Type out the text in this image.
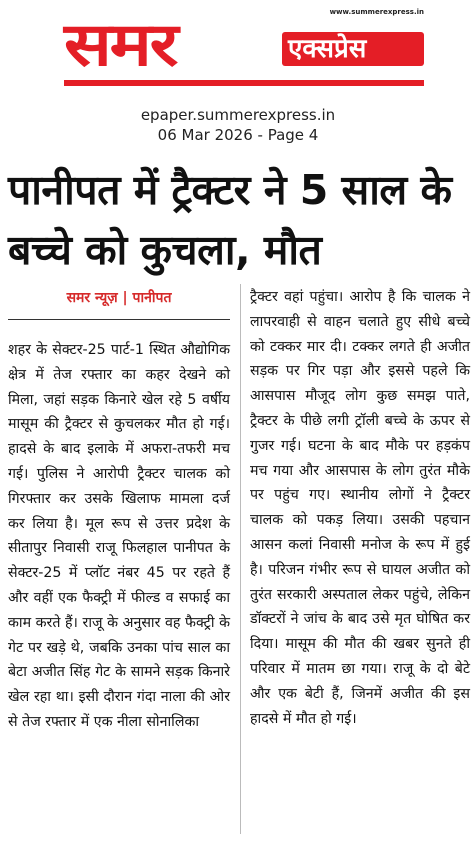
www.summerexpress.in
समर	एक्सप्रेस
epaper.summerexpress.in
06 Mar 2026 - Page 4
पानीपत में ट्रैक्टर ने 5 साल के बच्चे को कुचला, मौत
समर न्यूज़ | पानीपत

शहर के सेक्टर-25 पार्ट-1 स्थित औद्योगिक क्षेत्र में तेज रफ्तार का कहर देखने को मिला, जहां सड़क किनारे खेल रहे 5 वर्षीय मासूम की ट्रैक्टर से कुचलकर मौत हो गई। हादसे के बाद इलाके में अफरा-तफरी मच गई। पुलिस ने आरोपी ट्रैक्टर चालक को गिरफ्तार कर उसके खिलाफ मामला दर्ज कर लिया है। मूल रूप से उत्तर प्रदेश के सीतापुर निवासी राजू फिलहाल पानीपत के सेक्टर-25 में प्लॉट नंबर 45 पर रहते हैं और वहीं एक फैक्ट्री में फील्ड व सफाई का काम करते हैं। राजू के अनुसार वह फैक्ट्री के गेट पर खड़े थे, जबकि उनका पांच साल का बेटा अजीत सिंह गेट के सामने सड़क किनारे खेल रहा था। इसी दौरान गंदा नाला की ओर से तेज रफ्तार में एक नीला सोनालिका

ट्रैक्टर वहां पहुंचा। आरोप है कि चालक ने लापरवाही से वाहन चलाते हुए सीधे बच्चे को टक्कर मार दी। टक्कर लगते ही अजीत सड़क पर गिर पड़ा और इससे पहले कि आसपास मौजूद लोग कुछ समझ पाते, ट्रैक्टर के पीछे लगी ट्रॉली बच्चे के ऊपर से गुजर गई। घटना के बाद मौके पर हड़कंप मच गया और आसपास के लोग तुरंत मौके पर पहुंच गए। स्थानीय लोगों ने ट्रैक्टर चालक को पकड़ लिया। उसकी पहचान आसन कलां निवासी मनोज के रूप में हुई है। परिजन गंभीर रूप से घायल अजीत को तुरंत सरकारी अस्पताल लेकर पहुंचे, लेकिन डॉक्टरों ने जांच के बाद उसे मृत घोषित कर दिया। मासूम की मौत की खबर सुनते ही परिवार में मातम छा गया। राजू के दो बेटे और एक बेटी हैं, जिनमें अजीत की इस हादसे में मौत हो गई।
